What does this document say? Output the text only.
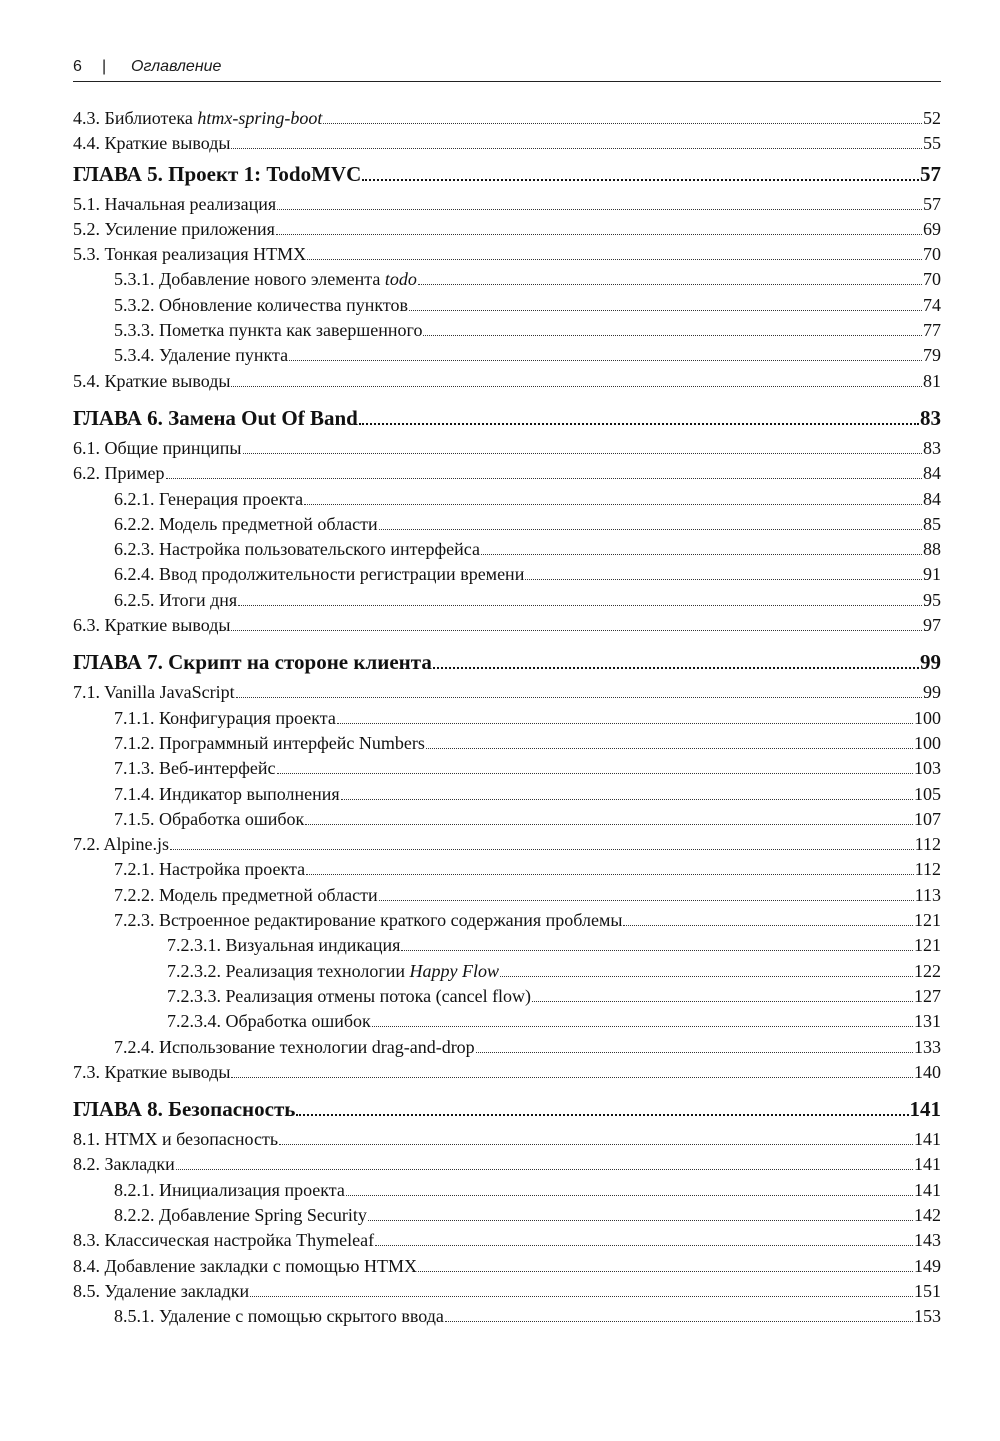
6 | Оглавление
4.3. Библиотека htmx-spring-boot	52
4.4. Краткие выводы	55
ГЛАВА 5. Проект 1: TodoMVC	57
5.1. Начальная реализация	57
5.2. Усиление приложения	69
5.3. Тонкая реализация HTMX	70
5.3.1. Добавление нового элемента todo	70
5.3.2. Обновление количества пунктов	74
5.3.3. Пометка пункта как завершенного	77
5.3.4. Удаление пункта	79
5.4. Краткие выводы	81
ГЛАВА 6. Замена Out Of Band	83
6.1. Общие принципы	83
6.2. Пример	84
6.2.1. Генерация проекта	84
6.2.2. Модель предметной области	85
6.2.3. Настройка пользовательского интерфейса	88
6.2.4. Ввод продолжительности регистрации времени	91
6.2.5. Итоги дня	95
6.3. Краткие выводы	97
ГЛАВА 7. Скрипт на стороне клиента	99
7.1. Vanilla JavaScript	99
7.1.1. Конфигурация проекта	100
7.1.2. Программный интерфейс Numbers	100
7.1.3. Веб-интерфейс	103
7.1.4. Индикатор выполнения	105
7.1.5. Обработка ошибок	107
7.2. Alpine.js	112
7.2.1. Настройка проекта	112
7.2.2. Модель предметной области	113
7.2.3. Встроенное редактирование краткого содержания проблемы	121
7.2.3.1. Визуальная индикация	121
7.2.3.2. Реализация технологии Happy Flow	122
7.2.3.3. Реализация отмены потока (cancel flow)	127
7.2.3.4. Обработка ошибок	131
7.2.4. Использование технологии drag-and-drop	133
7.3. Краткие выводы	140
ГЛАВА 8. Безопасность	141
8.1. HTMX и безопасность	141
8.2. Закладки	141
8.2.1. Инициализация проекта	141
8.2.2. Добавление Spring Security	142
8.3. Классическая настройка Thymeleaf	143
8.4. Добавление закладки с помощью HTMX	149
8.5. Удаление закладки	151
8.5.1. Удаление с помощью скрытого ввода	153
